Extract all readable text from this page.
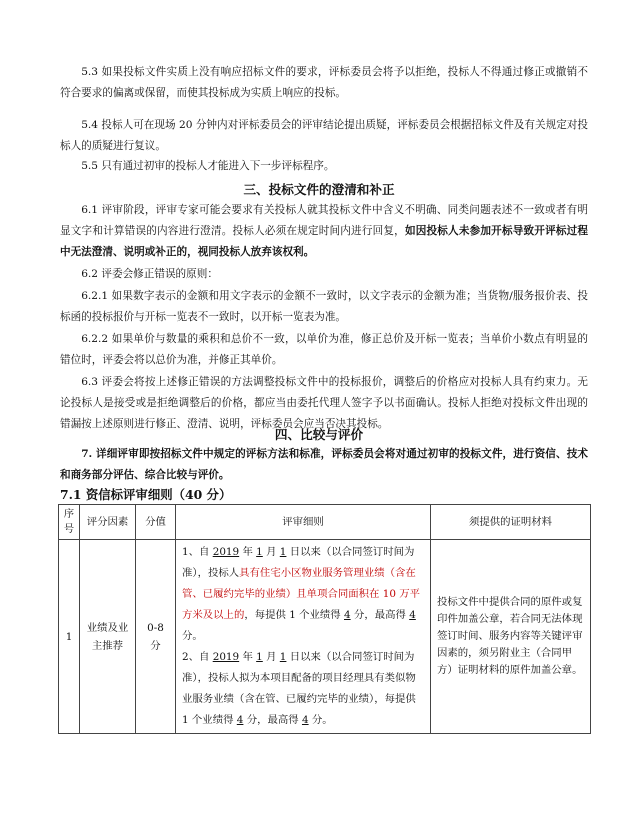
5.3 如果投标文件实质上没有响应招标文件的要求，评标委员会将予以拒绝，投标人不得通过修正或撤销不符合要求的偏离或保留，而使其投标成为实质上响应的投标。

5.4 投标人可在现场 20 分钟内对评标委员会的评审结论提出质疑，评标委员会根据招标文件及有关规定对投标人的质疑进行复议。

5.5 只有通过初审的投标人才能进入下一步评标程序。

三、投标文件的澄清和补正

6.1 评审阶段，评审专家可能会要求有关投标人就其投标文件中含义不明确、同类问题表述不一致或者有明显文字和计算错误的内容进行澄清。投标人必须在规定时间内进行回复，如因投标人未参加开标导致开评标过程中无法澄清、说明或补正的，视同投标人放弃该权利。

6.2 评委会修正错误的原则：

6.2.1 如果数字表示的金额和用文字表示的金额不一致时，以文字表示的金额为准；当货物/服务报价表、投标函的投标报价与开标一览表不一致时，以开标一览表为准。

6.2.2 如果单价与数量的乘积和总价不一致，以单价为准，修正总价及开标一览表；当单价小数点有明显的错位时，评委会将以总价为准，并修正其单价。

6.3 评委会将按上述修正错误的方法调整投标文件中的投标报价，调整后的价格应对投标人具有约束力。无论投标人是接受或是拒绝调整后的价格，都应当由委托代理人签字予以书面确认。投标人拒绝对投标文件出现的错漏按上述原则进行修正、澄清、说明，评标委员会应当否决其投标。

四、比较与评价

7. 详细评审即按招标文件中规定的评标方法和标准，评标委员会将对通过初审的投标文件，进行资信、技术和商务部分评估、综合比较与评价。

7.1 资信标评审细则（40 分）
序号	评分因素	分值	评审细则	须提供的证明材料
1	业绩及业主推荐	0-8 分	1、自 2019 年 1 月 1 日以来（以合同签订时间为准），投标人具有住宅小区物业服务管理业绩（含在管、已履约完毕的业绩）且单项合同面积在 10 万平方米及以上的，每提供 1 个业绩得 4 分，最高得 4 分。
2、自 2019 年 1 月 1 日以来（以合同签订时间为准），投标人拟为本项目配备的项目经理具有类似物业服务业绩（含在管、已履约完毕的业绩），每提供 1 个业绩得 4 分，最高得 4 分。	投标文件中提供合同的原件或复印件加盖公章，若合同无法体现签订时间、服务内容等关键评审因素的，须另附业主（合同甲方）证明材料的原件加盖公章。
